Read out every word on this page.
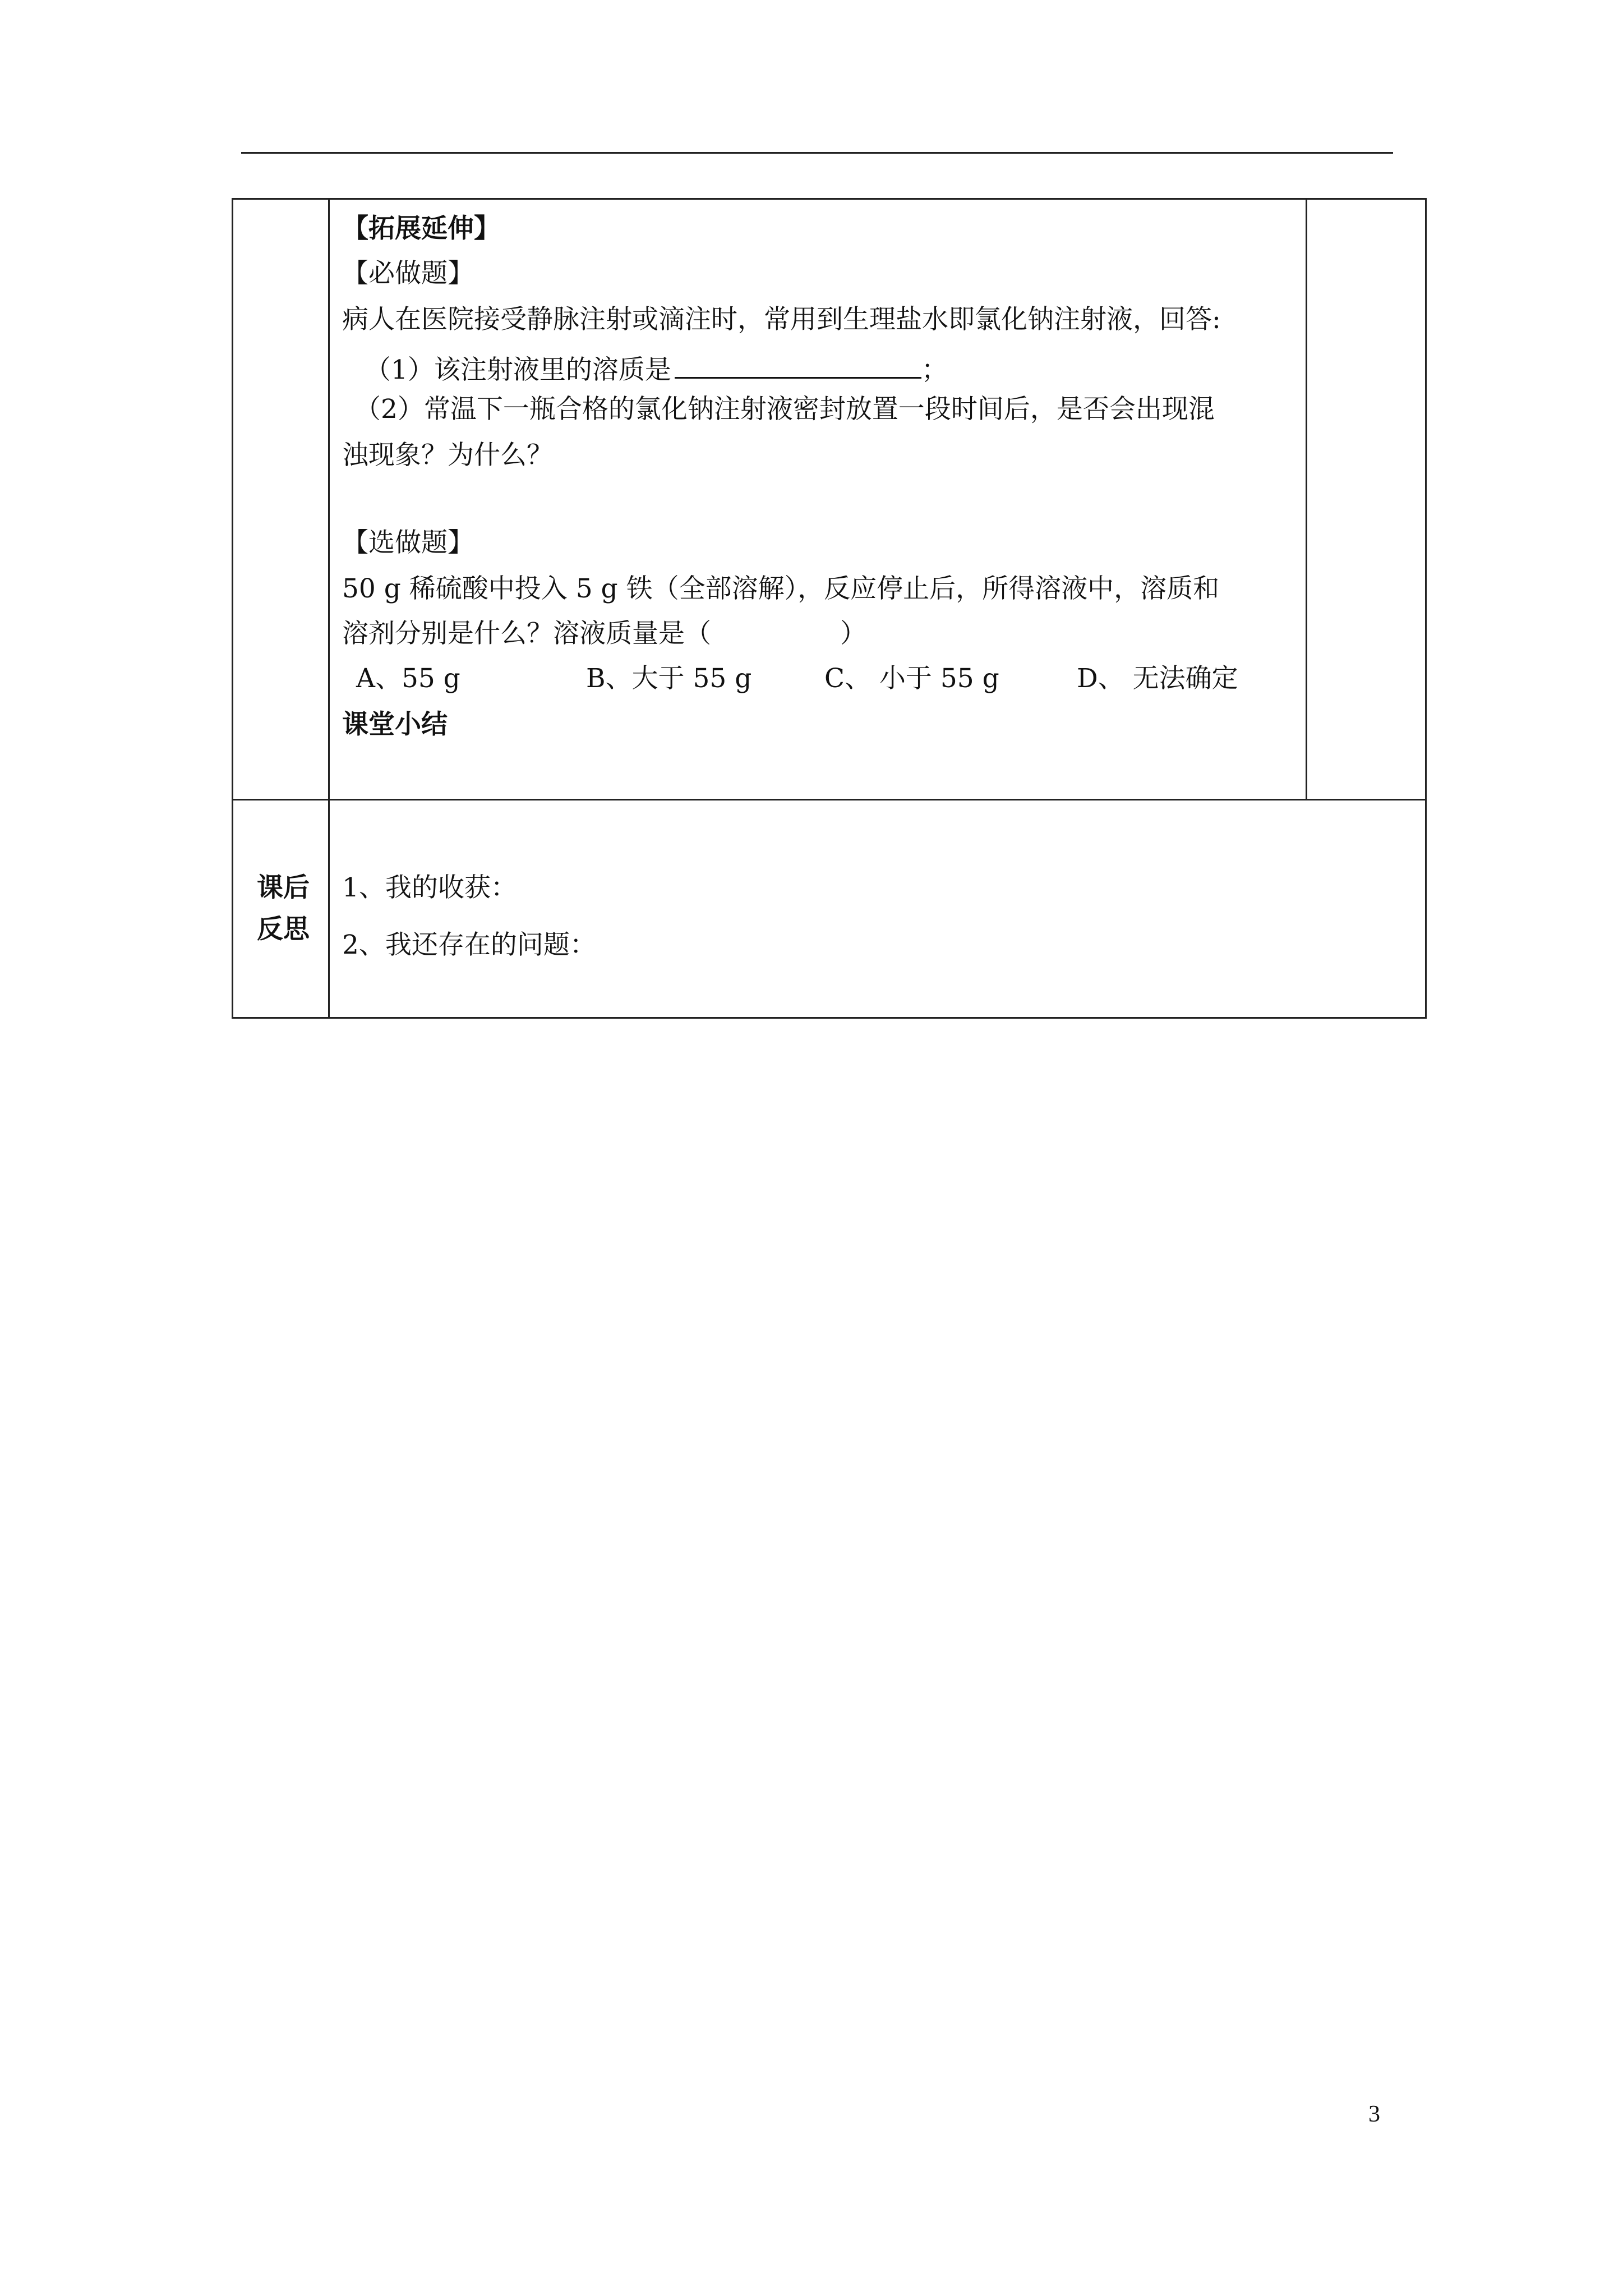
【拓展延伸】
【必做题】
病人在医院接受静脉注射或滴注时，常用到生理盐水即氯化钠注射液，回答:
（1）该注射液里的溶质是	；
（2）常温下一瓶合格的氯化钠注射液密封放置一段时间后，是否会出现混
浊现象？为什么？
【选做题】
50 g 稀硫酸中投入 5 g 铁（全部溶解），反应停止后，所得溶液中，溶质和
溶剂分别是什么？溶液质量是（	）
A、55 g	B、大于 55 g	C、 小于 55 g	D、 无法确定
课堂小结
课后
反思
1、我的收获：
2、我还存在的问题：
3
